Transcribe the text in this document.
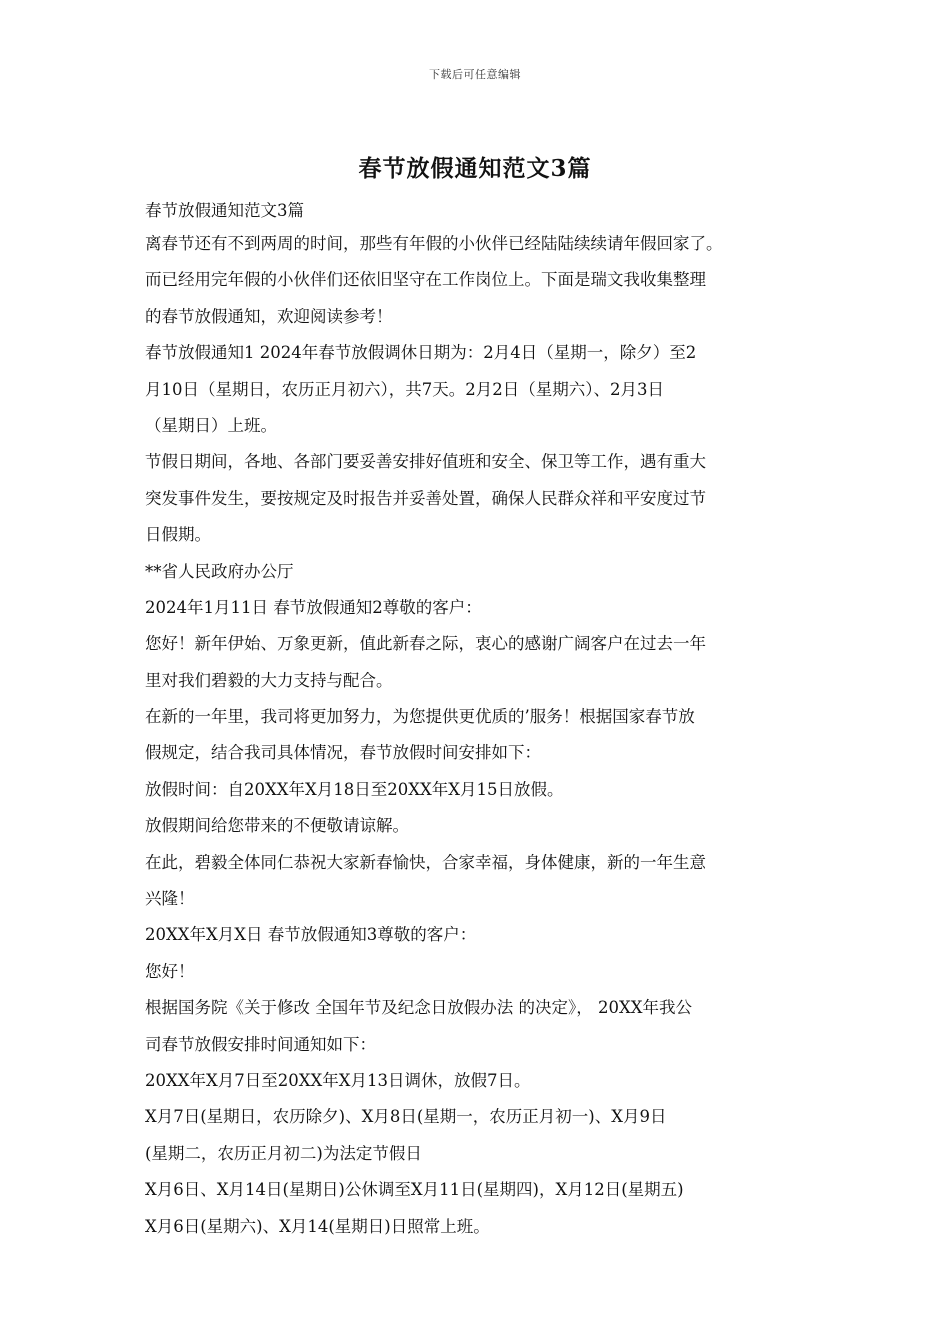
下载后可任意编辑
春节放假通知范文3篇
春节放假通知范文3篇
离春节还有不到两周的时间，那些有年假的小伙伴已经陆陆续续请年假回家了。
而已经用完年假的小伙伴们还依旧坚守在工作岗位上。下面是瑞文我收集整理
的春节放假通知，欢迎阅读参考！
春节放假通知1 2024年春节放假调休日期为：2月4日（星期一，除夕）至2
月10日（星期日，农历正月初六），共7天。2月2日（星期六）、2月3日
（星期日）上班。
节假日期间，各地、各部门要妥善安排好值班和安全、保卫等工作，遇有重大
突发事件发生，要按规定及时报告并妥善处置，确保人民群众祥和平安度过节
日假期。
**省人民政府办公厅
2024年1月11日 春节放假通知2尊敬的客户：
您好！新年伊始、万象更新，值此新春之际，衷心的感谢广阔客户在过去一年
里对我们碧毅的大力支持与配合。
在新的一年里，我司将更加努力，为您提供更优质的’服务！根据国家春节放
假规定，结合我司具体情况，春节放假时间安排如下：
放假时间：自20XX年X月18日至20XX年X月15日放假。
放假期间给您带来的不便敬请谅解。
在此，碧毅全体同仁恭祝大家新春愉快，合家幸福，身体健康，新的一年生意
兴隆！
20XX年X月X日 春节放假通知3尊敬的客户：
您好！
根据国务院《关于修改 全国年节及纪念日放假办法 的决定》， 20XX年我公
司春节放假安排时间通知如下：
20XX年X月7日至20XX年X月13日调休，放假7日。
X月7日(星期日，农历除夕)、X月8日(星期一，农历正月初一)、X月9日
(星期二，农历正月初二)为法定节假日
X月6日、X月14日(星期日)公休调至X月11日(星期四)，X月12日(星期五)
X月6日(星期六)、X月14(星期日)日照常上班。
